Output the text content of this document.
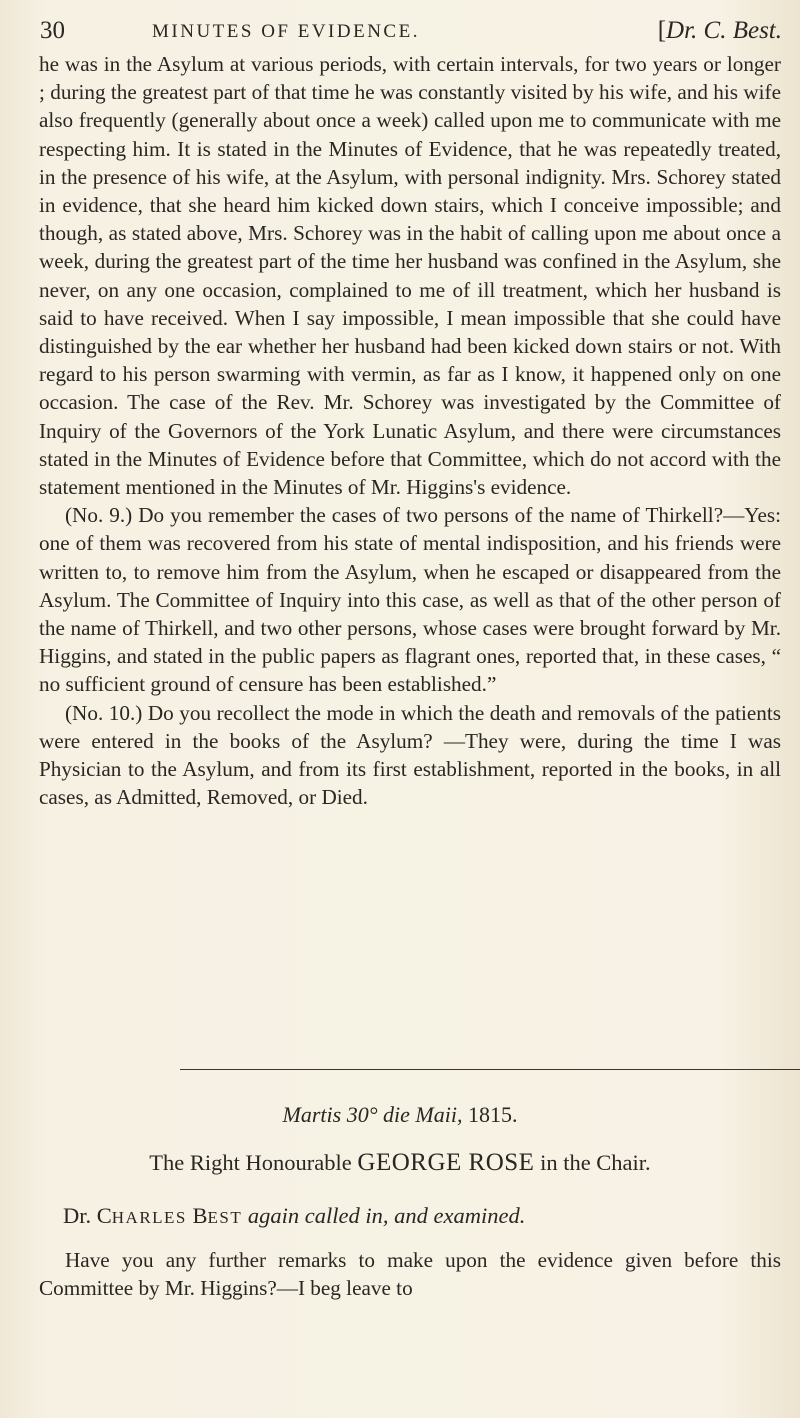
30	MINUTES OF EVIDENCE.	[Dr. C. Best.

he was in the Asylum at various periods, with certain intervals, for two years or longer ; during the greatest part of that time he was constantly visited by his wife, and his wife also frequently (generally about once a week) called upon me to communicate with me respecting him. It is stated in the Minutes of Evidence, that he was repeatedly treated, in the presence of his wife, at the Asylum, with personal indignity. Mrs. Schorey stated in evidence, that she heard him kicked down stairs, which I conceive impossible; and though, as stated above, Mrs. Schorey was in the habit of calling upon me about once a week, during the greatest part of the time her husband was confined in the Asylum, she never, on any one occasion, complained to me of ill treatment, which her husband is said to have received. When I say impossible, I mean impossible that she could have distinguished by the ear whether her husband had been kicked down stairs or not. With regard to his person swarming with vermin, as far as I know, it happened only on one occasion. The case of the Rev. Mr. Schorey was investigated by the Committee of Inquiry of the Governors of the York Lunatic Asylum, and there were circumstances stated in the Minutes of Evidence before that Committee, which do not accord with the statement mentioned in the Minutes of Mr. Higgins's evidence.

(No. 9.) Do you remember the cases of two persons of the name of Thirkell?—Yes: one of them was recovered from his state of mental indisposition, and his friends were written to, to remove him from the Asylum, when he escaped or disappeared from the Asylum. The Committee of Inquiry into this case, as well as that of the other person of the name of Thirkell, and two other persons, whose cases were brought forward by Mr. Higgins, and stated in the public papers as flagrant ones, reported that, in these cases, “ no sufficient ground of censure has been established.”

(No. 10.) Do you recollect the mode in which the death and removals of the patients were entered in the books of the Asylum? —They were, during the time I was Physician to the Asylum, and from its first establishment, reported in the books, in all cases, as Admitted, Removed, or Died.

Martis 30° die Maii, 1815.
The Right Honourable GEORGE ROSE in the Chair.
Dr. CHARLES BEST again called in, and examined.

Have you any further remarks to make upon the evidence given before this Committee by Mr. Higgins?—I beg leave to
